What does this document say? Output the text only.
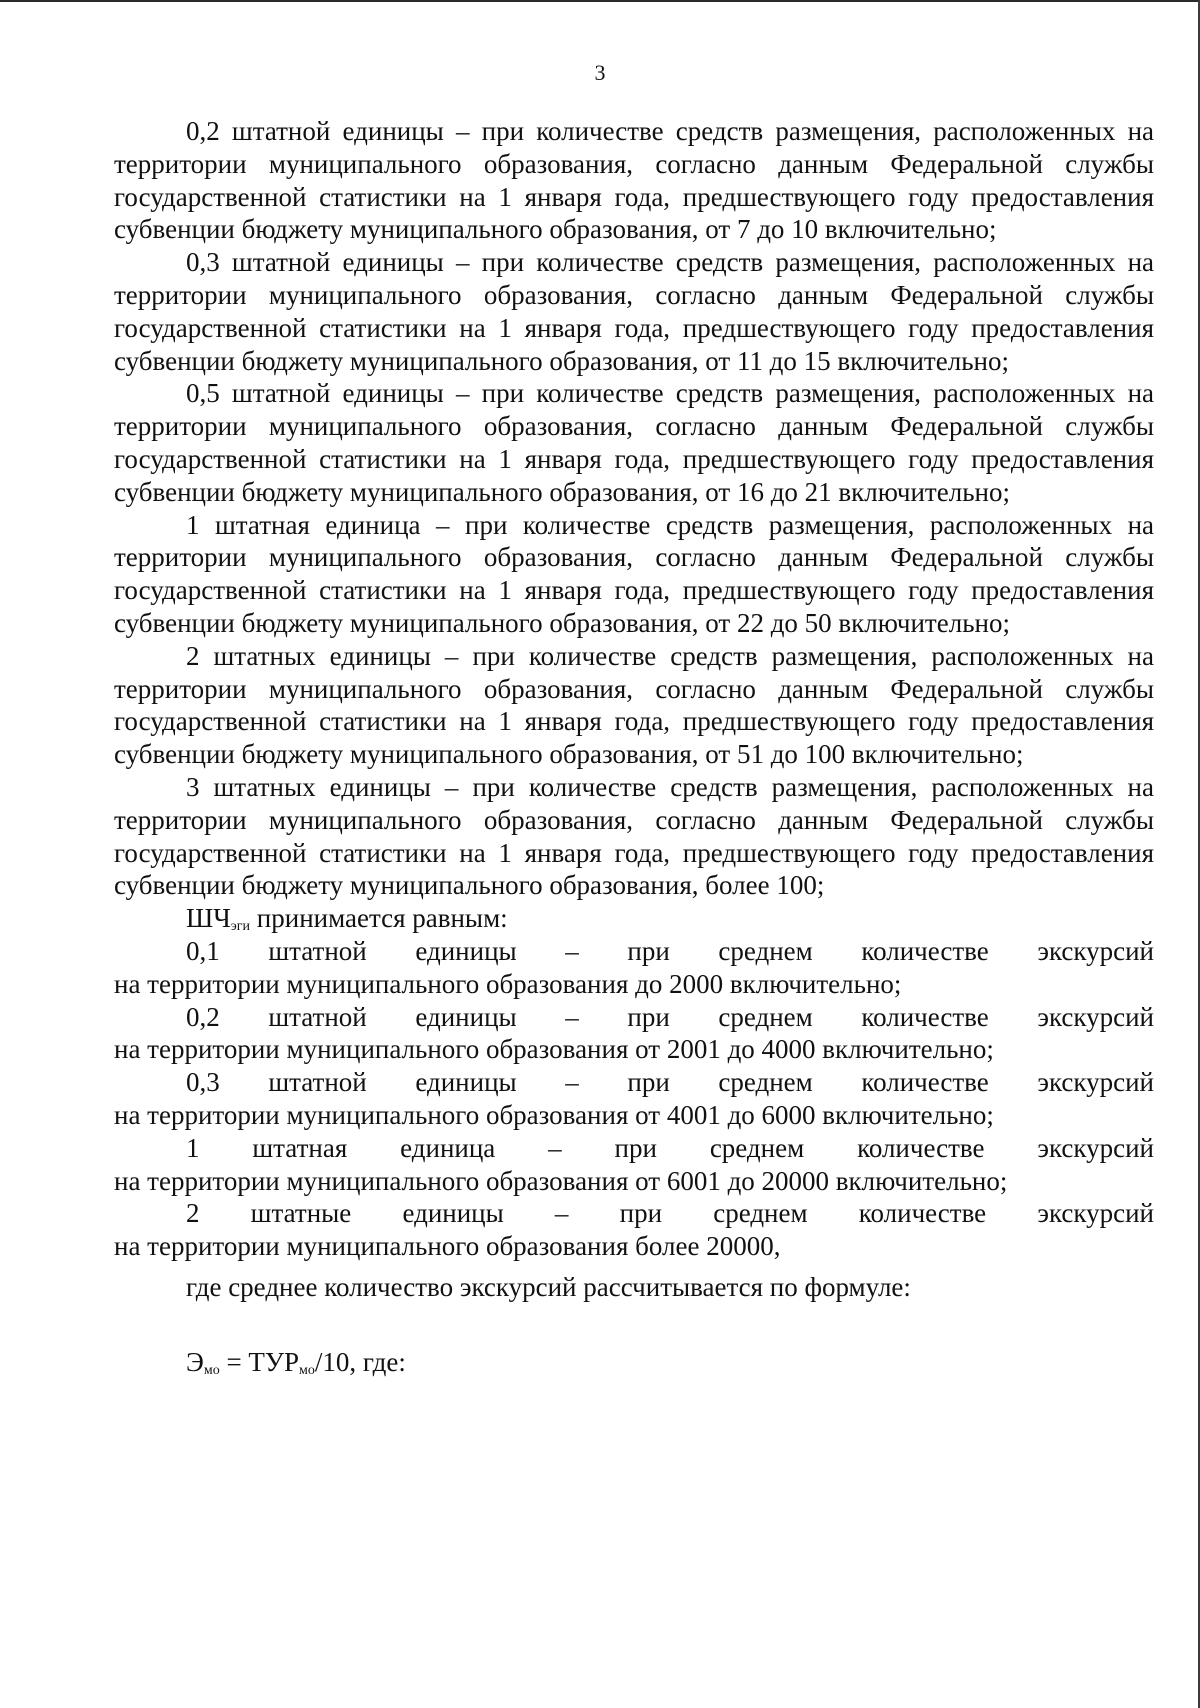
3

0,2 штатной единицы – при количестве средств размещения, расположенных на территории муниципального образования, согласно данным Федеральной службы государственной статистики на 1 января года, предшествующего году предоставления субвенции бюджету муниципального образования, от 7 до 10 включительно;

0,3 штатной единицы – при количестве средств размещения, расположенных на территории муниципального образования, согласно данным Федеральной службы государственной статистики на 1 января года, предшествующего году предоставления субвенции бюджету муниципального образования, от 11 до 15 включительно;

0,5 штатной единицы – при количестве средств размещения, расположенных на территории муниципального образования, согласно данным Федеральной службы государственной статистики на 1 января года, предшествующего году предоставления субвенции бюджету муниципального образования, от 16 до 21 включительно;

1 штатная единица – при количестве средств размещения, расположенных на территории муниципального образования, согласно данным Федеральной службы государственной статистики на 1 января года, предшествующего году предоставления субвенции бюджету муниципального образования, от 22 до 50 включительно;

2 штатных единицы – при количестве средств размещения, расположенных на территории муниципального образования, согласно данным Федеральной службы государственной статистики на 1 января года, предшествующего году предоставления субвенции бюджету муниципального образования, от 51 до 100 включительно;

3 штатных единицы – при количестве средств размещения, расположенных на территории муниципального образования, согласно данным Федеральной службы государственной статистики на 1 января года, предшествующего году предоставления субвенции бюджету муниципального образования, более 100;

$ШЧ_{эги}$ принимается равным:

0,1 штатной единицы – при среднем количестве экскурсий
на территории муниципального образования до 2000 включительно;
0,2 штатной единицы – при среднем количестве экскурсий
на территории муниципального образования от 2001 до 4000 включительно;
0,3 штатной единицы – при среднем количестве экскурсий
на территории муниципального образования от 4001 до 6000 включительно;
1 штатная единица – при среднем количестве экскурсий
на территории муниципального образования от 6001 до 20000 включительно;
2 штатные единицы – при среднем количестве экскурсий
на территории муниципального образования более 20000,

где среднее количество экскурсий рассчитывается по формуле:

$Э_{мо} = ТУР_{мо}/10$, где:
